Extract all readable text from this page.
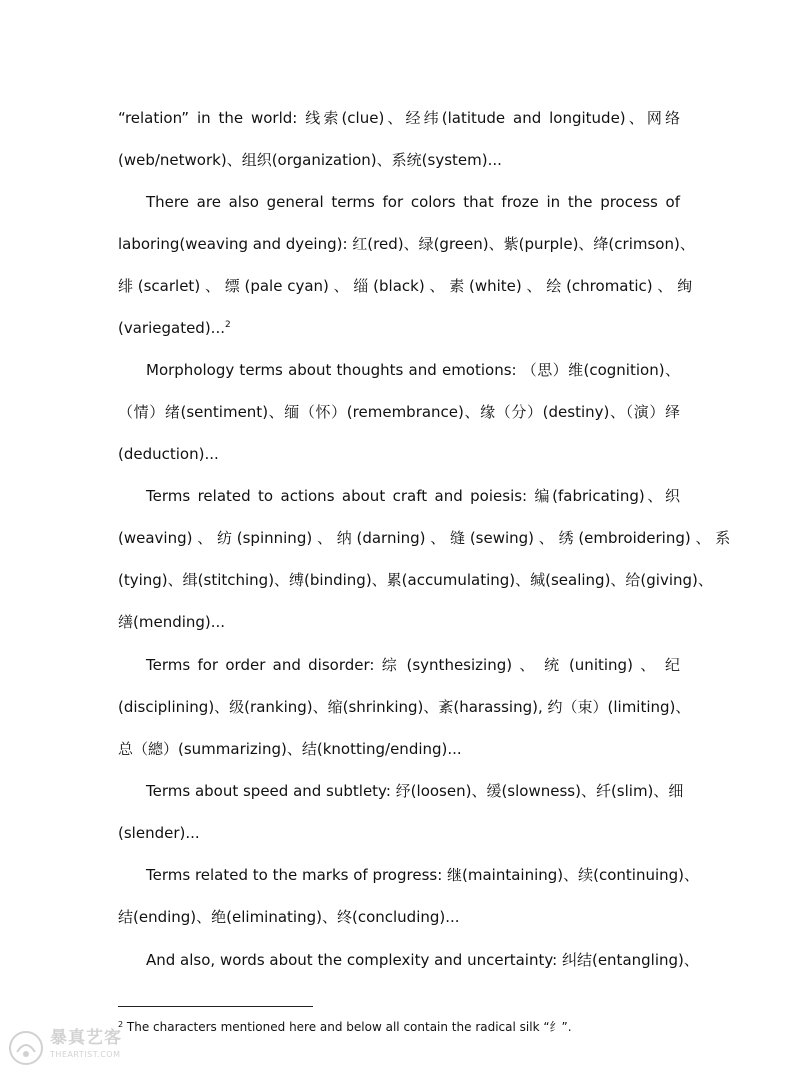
“relation” in the world: 线索(clue)、经纬(latitude and longitude)、网络
(web/network)、组织(organization)、系统(system)...
There are also general terms for colors that froze in the process of
laboring(weaving and dyeing): 红(red)、绿(green)、紫(purple)、绛(crimson)、
绯 (scarlet) 、 缥 (pale cyan) 、 缁 (black) 、 素 (white) 、 绘 (chromatic) 、 绚
(variegated)...$^2$
Morphology terms about thoughts and emotions: （思）维(cognition)、
（情）绪(sentiment)、缅（怀）(remembrance)、缘（分）(destiny)、（演）绎
(deduction)...
Terms related to actions about craft and poiesis: 编(fabricating)、织
(weaving) 、 纺 (spinning) 、 纳 (darning) 、 缝 (sewing) 、 绣 (embroidering) 、 系
(tying)、缉(stitching)、缚(binding)、累(accumulating)、缄(sealing)、给(giving)、
缮(mending)...
Terms for order and disorder: 综 (synthesizing) 、 统 (uniting) 、 纪
(disciplining)、级(ranking)、缩(shrinking)、紊(harassing), 约（束）(limiting)、
总（總）(summarizing)、结(knotting/ending)...
Terms about speed and subtlety: 纾(loosen)、缓(slowness)、纤(slim)、细
(slender)...
Terms related to the marks of progress: 继(maintaining)、续(continuing)、
结(ending)、绝(eliminating)、终(concluding)...
And also, words about the complexity and uncertainty: 纠结(entangling)、
$^2$ The characters mentioned here and below all contain the radical silk “纟”.
暴真艺客
THEARTIST.COM
